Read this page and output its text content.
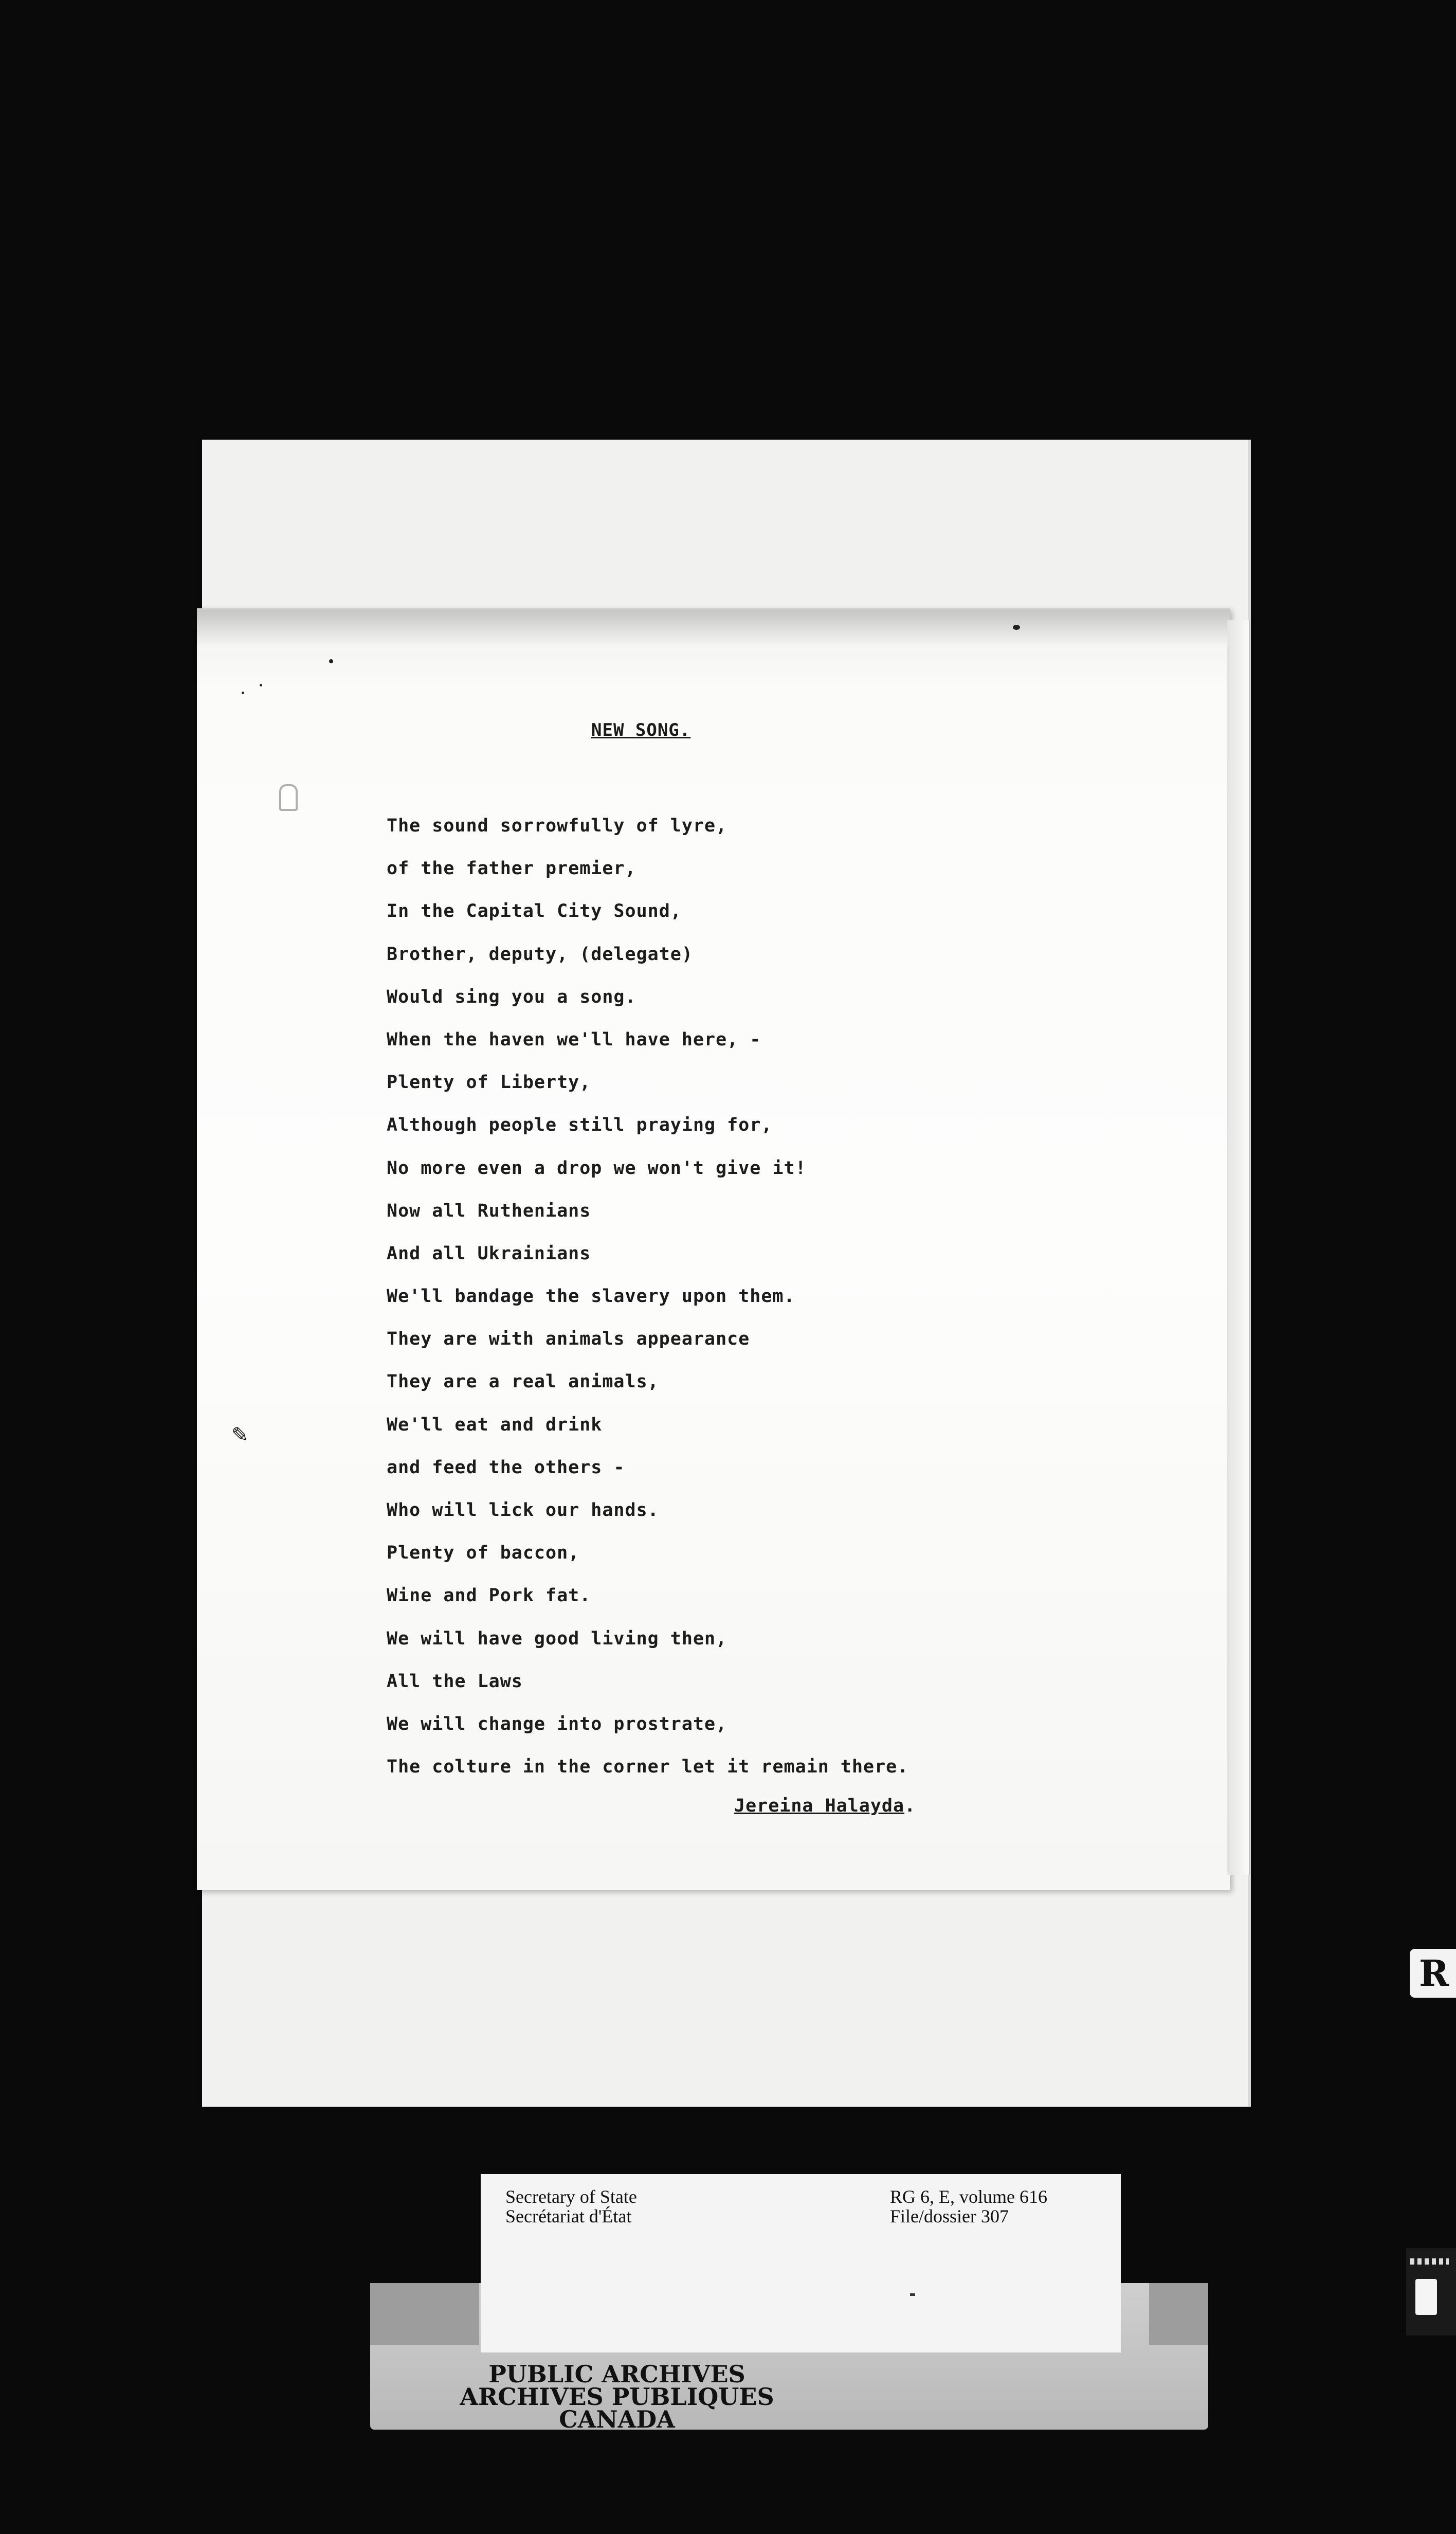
✎
NEW SONG.
The sound sorrowfully of lyre,
of the father premier,
In the Capital City Sound,
Brother, deputy, (delegate)
Would sing you a song.
When the haven we'll have here, -
Plenty of Liberty,
Although people still praying for,
No more even a drop we won't give it!
Now all Ruthenians
And all Ukrainians
We'll bandage the slavery upon them.
They are with animals appearance
They are a real animals,
We'll eat and drink
and feed the others -
Who will lick our hands.
Plenty of baccon,
Wine and Pork fat.
We will have good living then,
All the Laws
We will change into prostrate,
The colture in the corner let it remain there.
Jereina Halayda.
R
Secretary of State
Secrétariat d'État
RG 6, E, volume 616
File/dossier 307
PUBLIC ARCHIVES
ARCHIVES PUBLIQUES
CANADA
